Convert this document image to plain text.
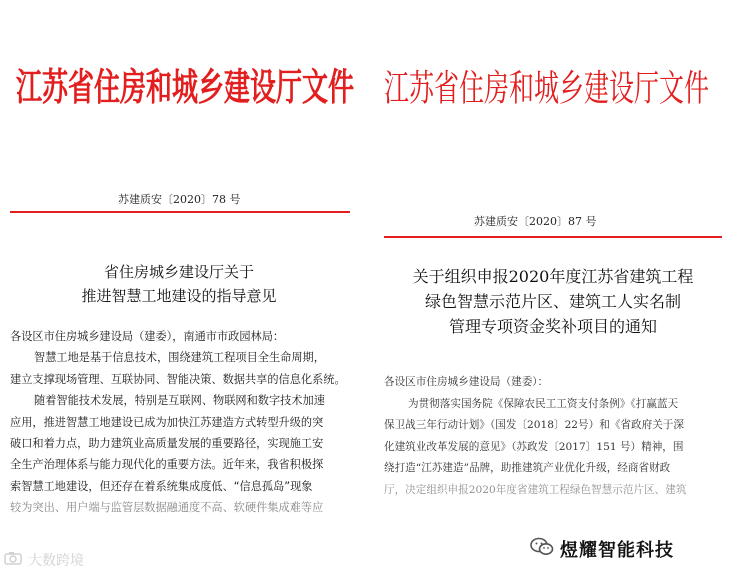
江苏省住房和城乡建设厅文件
苏建质安〔2020〕78 号
省住房城乡建设厅关于
推进智慧工地建设的指导意见
各设区市住房城乡建设局（建委），南通市市政园林局：
智慧工地是基于信息技术，围绕建筑工程项目全生命周期，
建立支撑现场管理、互联协同、智能决策、数据共享的信息化系统。
随着智能技术发展，特别是互联网、物联网和数字技术加速
应用，推进智慧工地建设已成为加快江苏建造方式转型升级的突
破口和着力点，助力建筑业高质量发展的重要路径，实现施工安
全生产治理体系与能力现代化的重要方法。近年来，我省积极探
索智慧工地建设，但还存在着系统集成度低、“信息孤岛”现象
较为突出、用户端与监管层数据融通度不高、软硬件集成难等应
江苏省住房和城乡建设厅文件
苏建质安〔2020〕87 号
关于组织申报2020年度江苏省建筑工程
绿色智慧示范片区、建筑工人实名制
管理专项资金奖补项目的通知
各设区市住房城乡建设局（建委）：
为贯彻落实国务院《保障农民工工资支付条例》《打赢蓝天
保卫战三年行动计划》（国发〔2018〕22号）和《省政府关于深
化建筑业改革发展的意见》（苏政发〔2017〕151 号）精神，围
绕打造“江苏建造”品牌，助推建筑产业优化升级，经商省财政
厅，决定组织申报2020年度省建筑工程绿色智慧示范片区、建筑
大数跨境	煜耀智能科技
